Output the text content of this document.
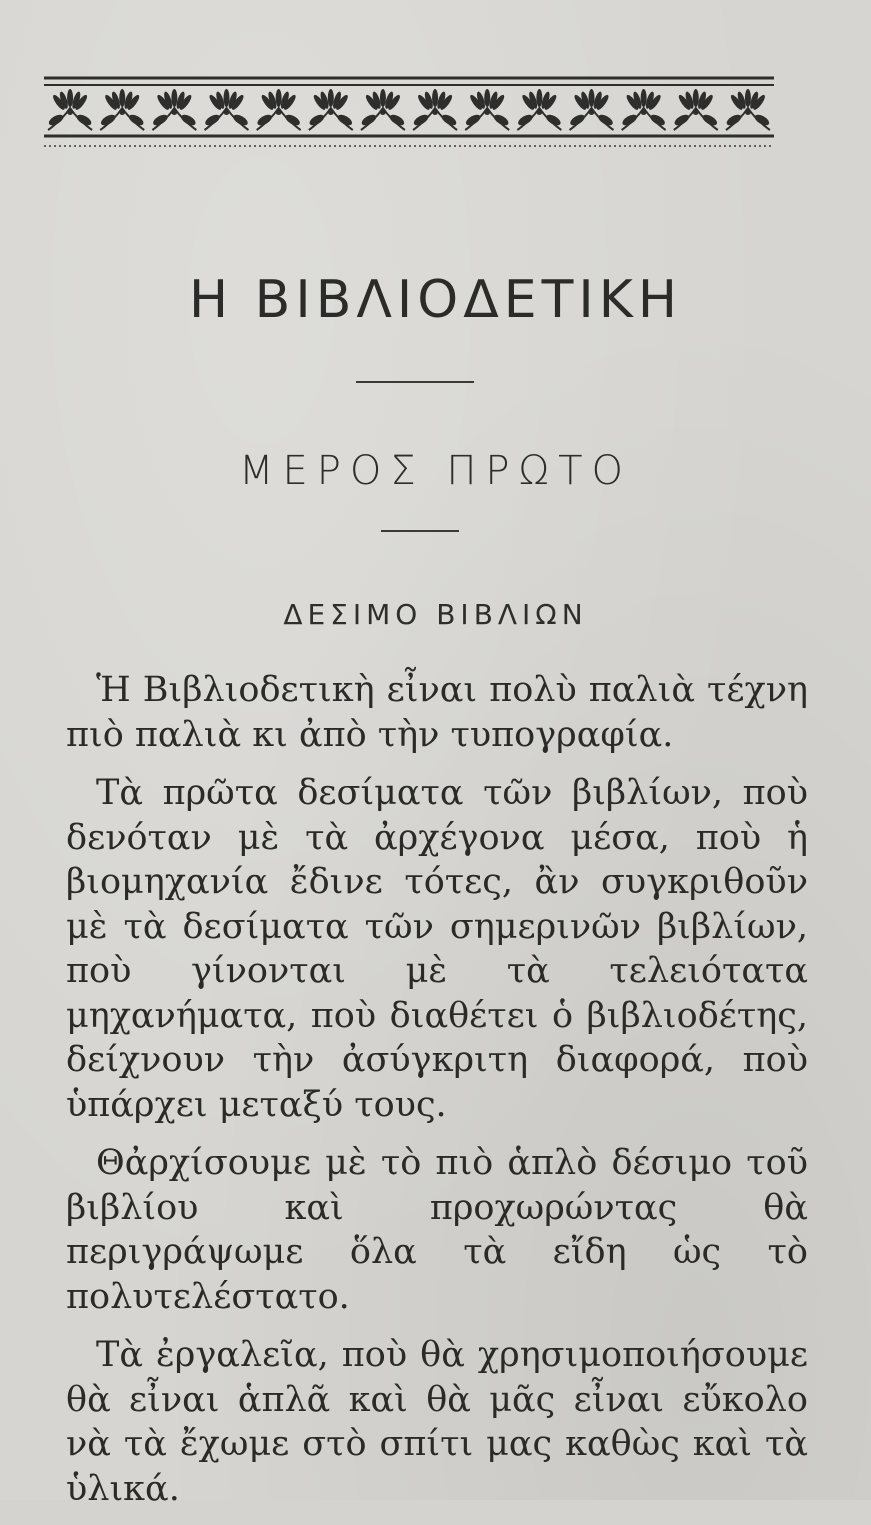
Η ΒΙΒΛΙΟΔΕΤΙΚΗ
ΜΕΡΟΣ ΠΡΩΤΟ
ΔΕΣΙΜΟ ΒΙΒΛΙΩΝ

Ἡ Βιβλιοδετικὴ εἶναι πολὺ παλιὰ τέχνη πιὸ παλιὰ κι ἀπὸ τὴν τυπογραφία.

Τὰ πρῶτα δεσίματα τῶν βιβλίων, ποὺ δενόταν μὲ τὰ ἀρχέγονα μέσα, ποὺ ἡ βιομηχανία ἔδινε τότες, ἂν συγκριθοῦν μὲ τὰ δεσίματα τῶν σημερινῶν βιβλίων, ποὺ γίνονται μὲ τὰ τελειότατα μηχανήματα, ποὺ διαθέτει ὁ βιβλιοδέτης, δείχνουν τὴν ἀσύγκριτη διαφορά, ποὺ ὑπάρχει μεταξύ τους.

Θἀρχίσουμε μὲ τὸ πιὸ ἁπλὸ δέσιμο τοῦ βιβλίου καὶ προχωρώντας θὰ περιγράψωμε ὅλα τὰ εἴδη ὡς τὸ πολυτελέστατο.

Τὰ ἐργαλεῖα, ποὺ θὰ χρησιμοποιήσουμε θὰ εἶναι ἁπλᾶ καὶ θὰ μᾶς εἶναι εὔκολο νὰ τὰ ἔχωμε στὸ σπίτι μας καθὼς καὶ τὰ ὑλικά.
